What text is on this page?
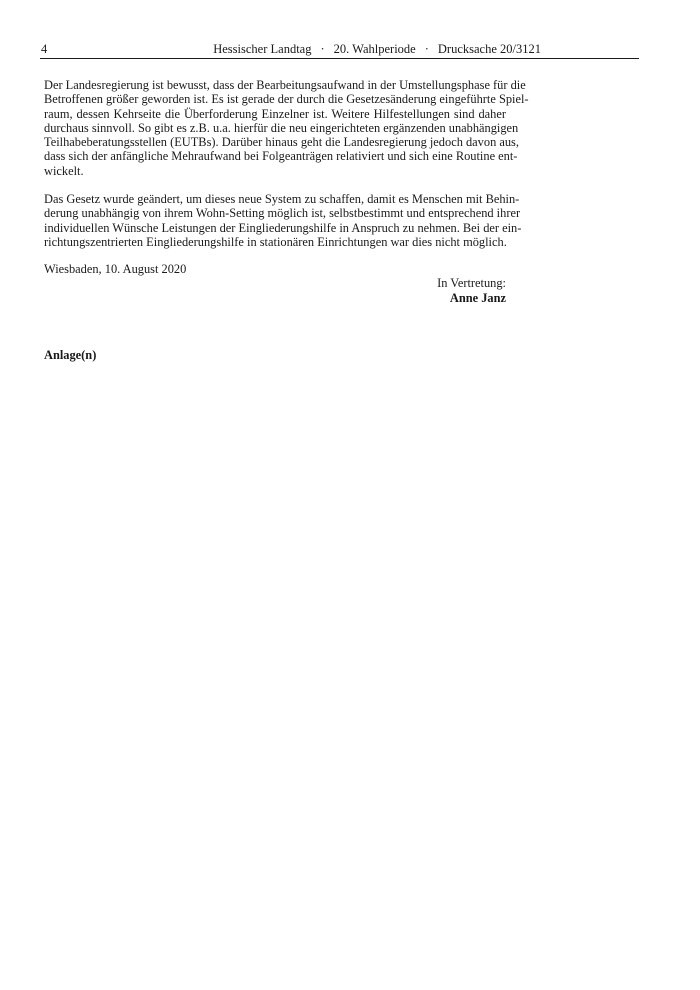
4	Hessischer Landtag · 20. Wahlperiode · Drucksache 20/3121
Der Landesregierung ist bewusst, dass der Bearbeitungsaufwand in der Umstellungsphase für die
Betroffenen größer geworden ist. Es ist gerade der durch die Gesetzesänderung eingeführte Spiel-
raum, dessen Kehrseite die Überforderung Einzelner ist. Weitere Hilfestellungen sind daher
durchaus sinnvoll. So gibt es z.B. u.a. hierfür die neu eingerichteten ergänzenden unabhängigen
Teilhabeberatungsstellen (EUTBs). Darüber hinaus geht die Landesregierung jedoch davon aus,
dass sich der anfängliche Mehraufwand bei Folgeanträgen relativiert und sich eine Routine ent-
wickelt.
Das Gesetz wurde geändert, um dieses neue System zu schaffen, damit es Menschen mit Behin-
derung unabhängig von ihrem Wohn-Setting möglich ist, selbstbestimmt und entsprechend ihrer
individuellen Wünsche Leistungen der Eingliederungshilfe in Anspruch zu nehmen. Bei der ein-
richtungszentrierten Eingliederungshilfe in stationären Einrichtungen war dies nicht möglich.
Wiesbaden, 10. August 2020
In Vertretung:
Anne Janz
Anlage(n)
